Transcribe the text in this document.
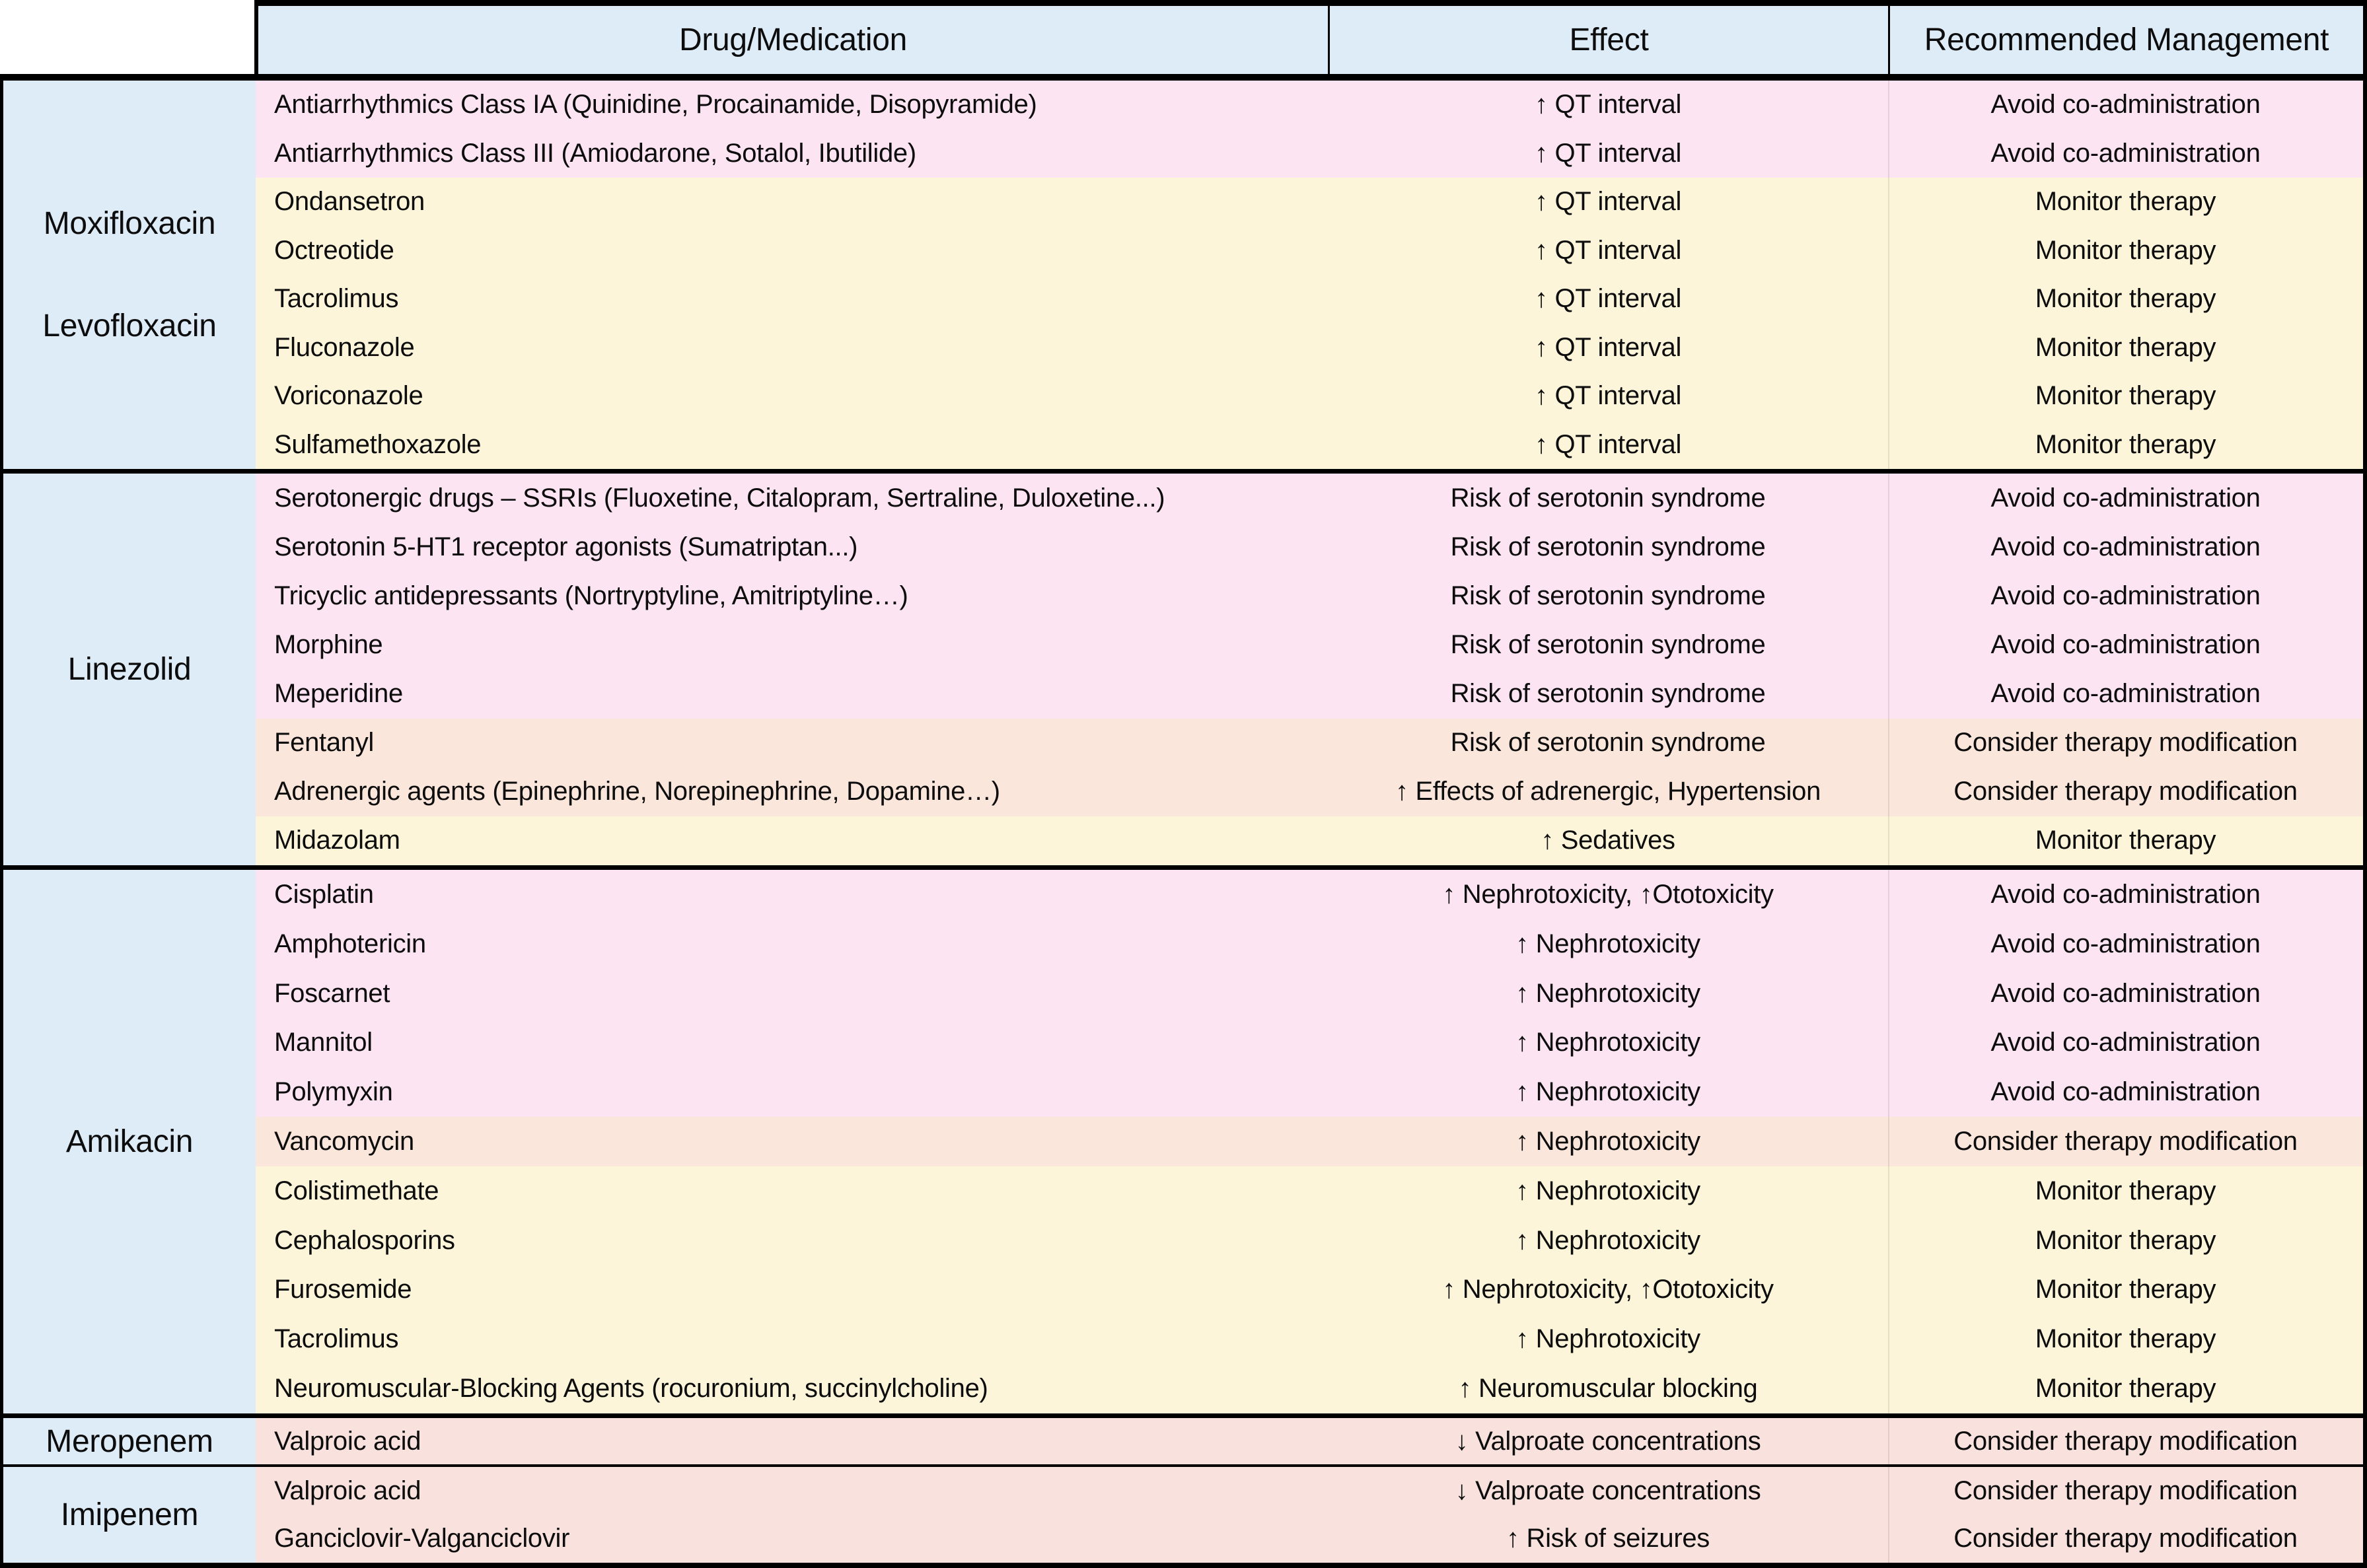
Drug/Medication	Effect	Recommended Management
Moxifloxacin
Levofloxacin
Antiarrhythmics Class IA (Quinidine, Procainamide, Disopyramide)	↑ QT interval	Avoid co-administration
Antiarrhythmics Class III (Amiodarone, Sotalol, Ibutilide)	↑ QT interval	Avoid co-administration
Ondansetron	↑ QT interval	Monitor therapy
Octreotide	↑ QT interval	Monitor therapy
Tacrolimus	↑ QT interval	Monitor therapy
Fluconazole	↑ QT interval	Monitor therapy
Voriconazole	↑ QT interval	Monitor therapy
Sulfamethoxazole	↑ QT interval	Monitor therapy
Linezolid
Serotonergic drugs – SSRIs (Fluoxetine, Citalopram, Sertraline, Duloxetine...)	Risk of serotonin syndrome	Avoid co-administration
Serotonin 5-HT1 receptor agonists (Sumatriptan...)	Risk of serotonin syndrome	Avoid co-administration
Tricyclic antidepressants (Nortryptyline, Amitriptyline…)	Risk of serotonin syndrome	Avoid co-administration
Morphine	Risk of serotonin syndrome	Avoid co-administration
Meperidine	Risk of serotonin syndrome	Avoid co-administration
Fentanyl	Risk of serotonin syndrome	Consider therapy modification
Adrenergic agents (Epinephrine, Norepinephrine, Dopamine…)	↑ Effects of adrenergic, Hypertension	Consider therapy modification
Midazolam	↑ Sedatives	Monitor therapy
Amikacin
Cisplatin	↑ Nephrotoxicity, ↑Ototoxicity	Avoid co-administration
Amphotericin	↑ Nephrotoxicity	Avoid co-administration
Foscarnet	↑ Nephrotoxicity	Avoid co-administration
Mannitol	↑ Nephrotoxicity	Avoid co-administration
Polymyxin	↑ Nephrotoxicity	Avoid co-administration
Vancomycin	↑ Nephrotoxicity	Consider therapy modification
Colistimethate	↑ Nephrotoxicity	Monitor therapy
Cephalosporins	↑ Nephrotoxicity	Monitor therapy
Furosemide	↑ Nephrotoxicity, ↑Ototoxicity	Monitor therapy
Tacrolimus	↑ Nephrotoxicity	Monitor therapy
Neuromuscular-Blocking Agents (rocuronium, succinylcholine)	↑ Neuromuscular blocking	Monitor therapy
Meropenem	Valproic acid	↓ Valproate concentrations	Consider therapy modification
Imipenem
Valproic acid	↓ Valproate concentrations	Consider therapy modification
Ganciclovir-Valganciclovir	↑ Risk of seizures	Consider therapy modification
